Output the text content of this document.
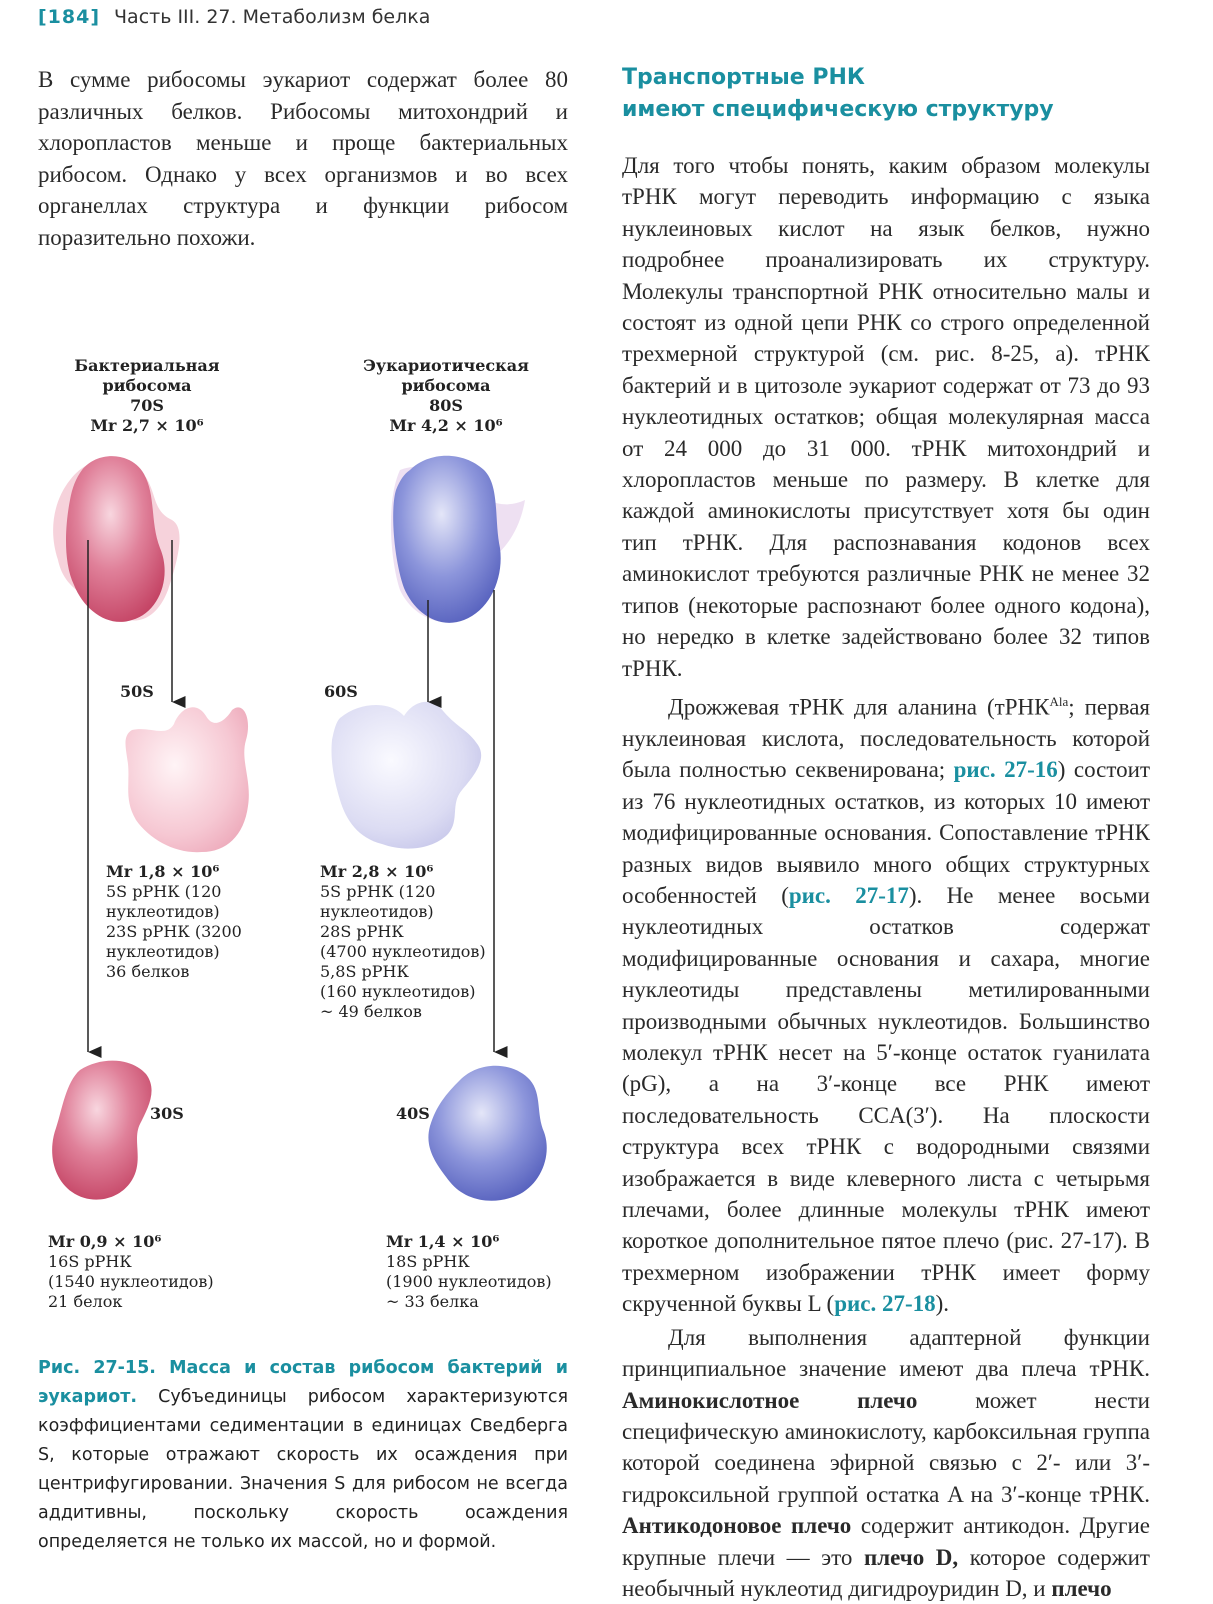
[184] Часть III. 27. Метаболизм белка
В сумме рибосомы эукариот содержат более 80 различных белков. Рибосомы митохондрий и хлоропластов меньше и проще бактериальных рибосом. Однако у всех организмов и во всех органеллах структура и функции рибосом поразительно похожи.
Бактериальная
рибосома
70S
Mr 2,7 × 10⁶
Эукариотическая
рибосома
80S
Mr 4,2 × 10⁶
50S	60S
30S	40S
Mr 1,8 × 10⁶
5S рРНК (120
нуклеотидов)
23S рРНК (3200
нуклеотидов)
36 белков
Mr 2,8 × 10⁶
5S рРНК (120
нуклеотидов)
28S рРНК
(4700 нуклеотидов)
5,8S рРНК
(160 нуклеотидов)
~ 49 белков
Mr 0,9 × 10⁶
16S рРНК
(1540 нуклеотидов)
21 белок
Mr 1,4 × 10⁶
18S рРНК
(1900 нуклеотидов)
~ 33 белка
Рис. 27-15. Масса и состав рибосом бактерий и эукариот. Субъединицы рибосом характеризуются коэффициентами седиментации в единицах Сведберга S, которые отражают скорость их осаждения при центрифугировании. Значения S для рибосом не всегда аддитивны, поскольку скорость осаждения определяется не только их массой, но и формой.
Транспортные РНК
имеют специфическую структуру

Для того чтобы понять, каким образом молекулы тРНК могут переводить информацию с языка нуклеиновых кислот на язык белков, нужно подробнее проанализировать их структуру. Молекулы транспортной РНК относительно малы и состоят из одной цепи РНК со строго определенной трехмерной структурой (см. рис. 8-25, а). тРНК бактерий и в цитозоле эукариот содержат от 73 до 93 нуклеотидных остатков; общая молекулярная масса от 24 000 до 31 000. тРНК митохондрий и хлоропластов меньше по размеру. В клетке для каждой аминокислоты присутствует хотя бы один тип тРНК. Для распознавания кодонов всех аминокислот требуются различные РНК не менее 32 типов (некоторые распознают более одного кодона), но нередко в клетке задействовано более 32 типов тРНК.

Дрожжевая тРНК для аланина (тРНК$^{Ala}$; первая нуклеиновая кислота, последовательность которой была полностью секвенирована; рис. 27-16) состоит из 76 нуклеотидных остатков, из которых 10 имеют модифицированные основания. Сопоставление тРНК разных видов выявило много общих структурных особенностей (рис. 27-17). Не менее восьми нуклеотидных остатков содержат модифицированные основания и сахара, многие нуклеотиды представлены метилированными производными обычных нуклеотидов. Большинство молекул тРНК несет на 5′-конце остаток гуанилата (pG), а на 3′-конце все РНК имеют последовательность CCA(3′). На плоскости структура всех тРНК с водородными связями изображается в виде клеверного листа с четырьмя плечами, более длинные молекулы тРНК имеют короткое дополнительное пятое плечо (рис. 27-17). В трехмерном изображении тРНК имеет форму скрученной буквы L (рис. 27-18).

Для выполнения адаптерной функции принципиальное значение имеют два плеча тРНК. Аминокислотное плечо может нести специфическую аминокислоту, карбоксильная группа которой соединена эфирной связью с 2′- или 3′-гидроксильной группой остатка A на 3′-конце тРНК. Антикодоновое плечо содержит антикодон. Другие крупные плечи — это плечо D, которое содержит необычный нуклеотид дигидроуридин D, и плечо
